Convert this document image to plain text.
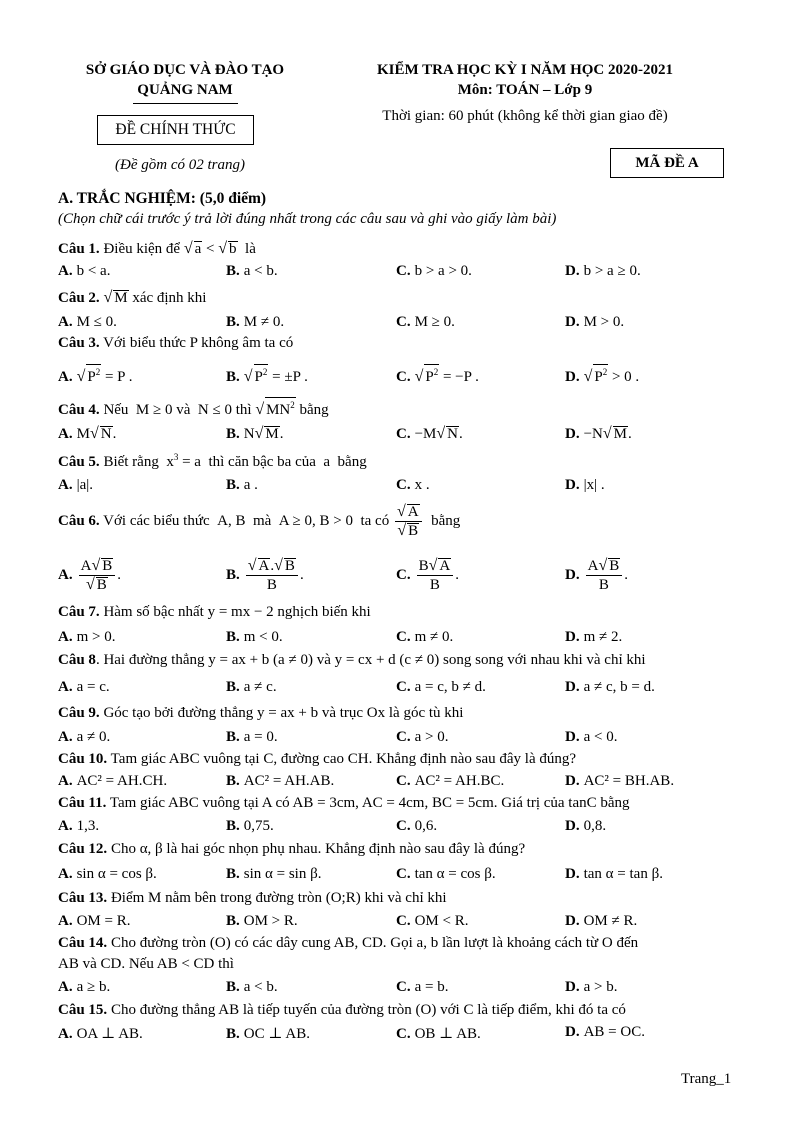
SỞ GIÁO DỤC VÀ ĐÀO TẠO
QUẢNG NAM
ĐỀ CHÍNH THỨC
(Đề gồm có 02 trang)
KIỂM TRA HỌC KỲ I NĂM HỌC 2020-2021
Môn: TOÁN – Lớp 9
Thời gian: 60 phút (không kể thời gian giao đề)
MÃ ĐỀ A
A. TRẮC NGHIỆM: (5,0 điểm)
(Chọn chữ cái trước ý trả lời đúng nhất trong các câu sau và ghi vào giấy làm bài)
Câu 1. Điều kiện để √ a < √ b  là
A. b < a.	B. a < b.	C. b > a > 0.	D. b > a ≥ 0.
Câu 2. √ M xác định khi
A. M ≤ 0.	B. M ≠ 0.	C. M ≥ 0.	D. M > 0.
Câu 3. Với biểu thức P không âm ta có
A. √ $P^2 = P$ .	B. √ $P^2 = \pm P$ .	C. √ $P^2 = -P$ .	D. √ $P^2 > 0$ .
Câu 4. Nếu  M ≥ 0 và  N ≤ 0 thì √ $MN^2$ bằng
A. M√ N.	B. N√ M.	C. −M√ N.	D. −N√ M.
Câu 5. Biết rằng  $x^3 = a$  thì căn bậc ba của  a  bằng
A. |a|.	B. a .	C. x .	D. |x| .
Câu 6. Với các biểu thức  A, B  mà  A ≥ 0, B > 0  ta có $\frac{√ A}{√ B}$ bằng
A. $\frac{A√ B}{√ B}$ .	B. $\frac{√ A.√ B}{B}$ .	C. $\frac{B√ A}{B}$ .	D. $\frac{A√ B}{B}$ .
Câu 7. Hàm số bậc nhất y = mx − 2 nghịch biến khi
A. m > 0.	B. m < 0.	C. m ≠ 0.	D. m ≠ 2.
Câu 8. Hai đường thẳng y = ax + b (a ≠ 0) và y = cx + d (c ≠ 0) song song với nhau khi và chỉ khi
A. a = c.	B. a ≠ c.	C. a = c, b ≠ d.	D. a ≠ c, b = d.
Câu 9. Góc tạo bởi đường thẳng y = ax + b và trục Ox là góc tù khi
A. a ≠ 0.	B. a = 0.	C. a > 0.	D. a < 0.
Câu 10. Tam giác ABC vuông tại C, đường cao CH. Khẳng định nào sau đây là đúng?
A. AC² = AH.CH.	B. AC² = AH.AB.	C. AC² = AH.BC.	D. AC² = BH.AB.
Câu 11. Tam giác ABC vuông tại A có AB = 3cm, AC = 4cm, BC = 5cm. Giá trị của tanC bằng
A. 1,3.	B. 0,75.	C. 0,6.	D. 0,8.
Câu 12. Cho α, β là hai góc nhọn phụ nhau. Khẳng định nào sau đây là đúng?
A. sin α = cos β.	B. sin α = sin β.	C. tan α = cos β.	D. tan α = tan β.
Câu 13. Điểm M nằm bên trong đường tròn (O;R) khi và chỉ khi
A. OM = R.	B. OM > R.	C. OM < R.	D. OM ≠ R.
Câu 14. Cho đường tròn (O) có các dây cung AB, CD. Gọi a, b lần lượt là khoảng cách từ O đến
AB và CD. Nếu AB < CD thì
A. a ≥ b.	B. a < b.	C. a = b.	D. a > b.
Câu 15. Cho đường thẳng AB là tiếp tuyến của đường tròn (O) với C là tiếp điểm, khi đó ta có
A. OA ⊥ AB.	B. OC ⊥ AB.	C. OB ⊥ AB.	D. AB = OC.
Trang_1
